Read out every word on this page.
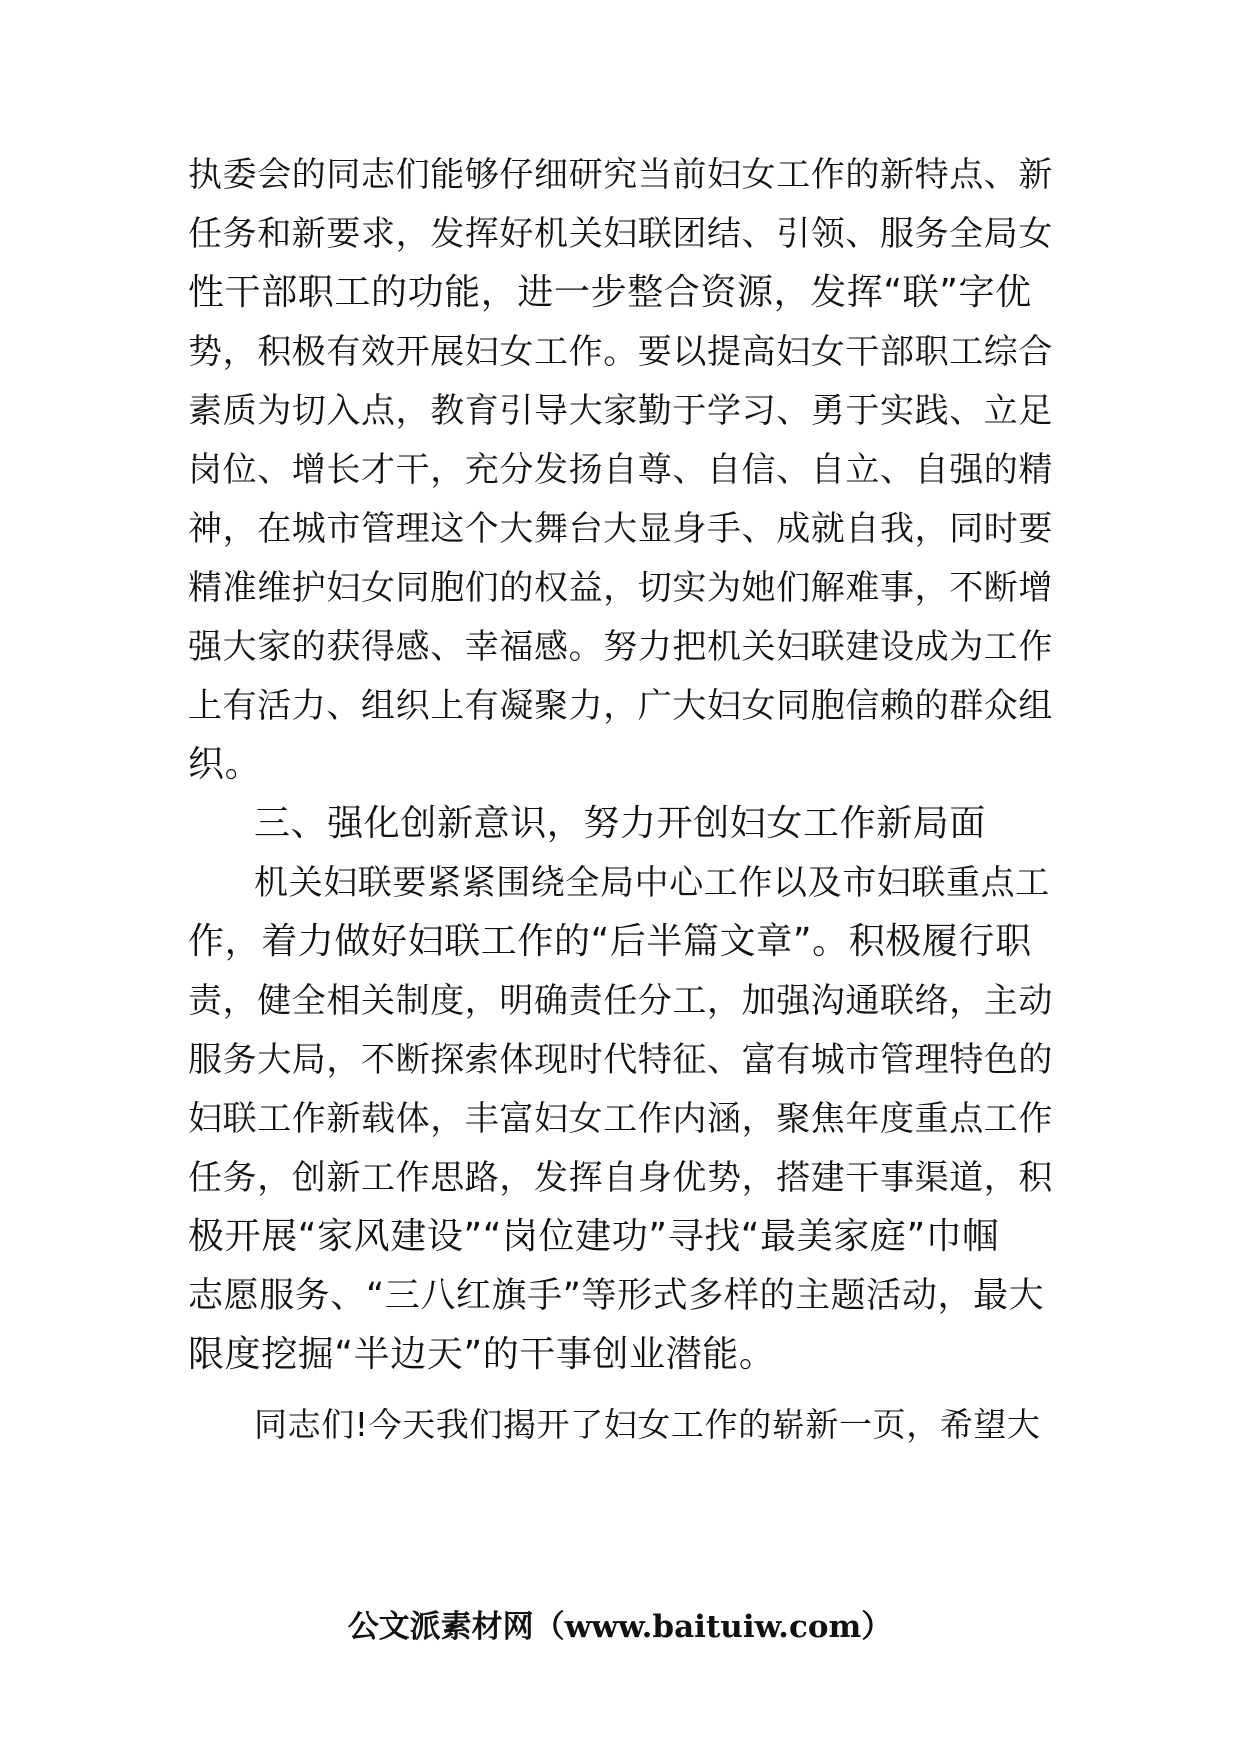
执委会的同志们能够仔细研究当前妇女工作的新特点、新
任务和新要求，发挥好机关妇联团结、引领、服务全局女
性干部职工的功能，进一步整合资源，发挥“联”字优
势，积极有效开展妇女工作。要以提高妇女干部职工综合
素质为切入点，教育引导大家勤于学习、勇于实践、立足
岗位、增长才干，充分发扬自尊、自信、自立、自强的精
神，在城市管理这个大舞台大显身手、成就自我，同时要
精准维护妇女同胞们的权益，切实为她们解难事，不断增
强大家的获得感、幸福感。努力把机关妇联建设成为工作
上有活力、组织上有凝聚力，广大妇女同胞信赖的群众组
织。
三、强化创新意识，努力开创妇女工作新局面
机关妇联要紧紧围绕全局中心工作以及市妇联重点工
作，着力做好妇联工作的“后半篇文章”。积极履行职
责，健全相关制度，明确责任分工，加强沟通联络，主动
服务大局，不断探索体现时代特征、富有城市管理特色的
妇联工作新载体，丰富妇女工作内涵，聚焦年度重点工作
任务，创新工作思路，发挥自身优势，搭建干事渠道，积
极开展“家风建设”“岗位建功”寻找“最美家庭”巾帼
志愿服务、“三八红旗手”等形式多样的主题活动，最大
限度挖掘“半边天”的干事创业潜能。
同志们!今天我们揭开了妇女工作的崭新一页，希望大
公文派素材网（www.baituiw.com）
